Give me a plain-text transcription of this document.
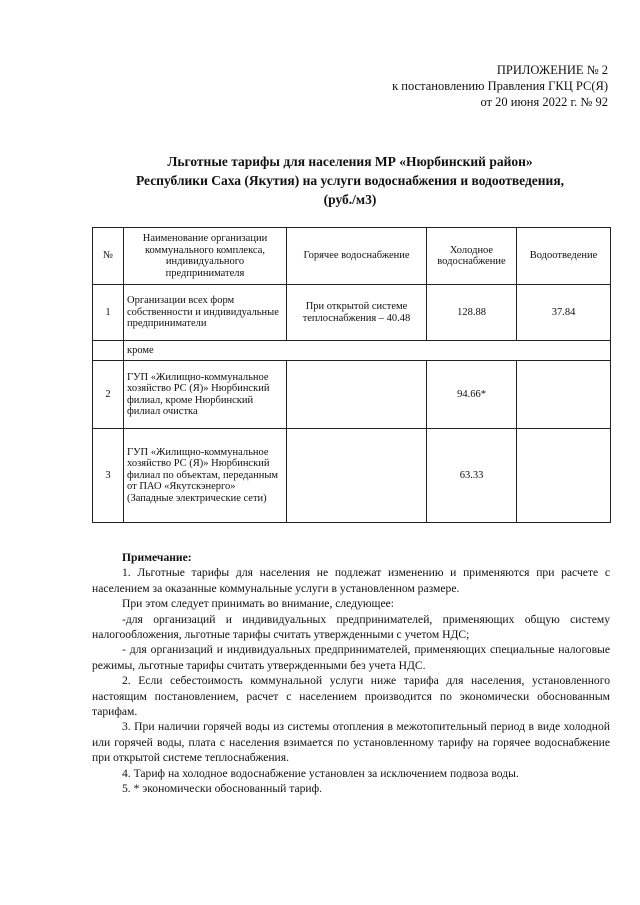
ПРИЛОЖЕНИЕ № 2
к постановлению Правления ГКЦ РС(Я)
от 20 июня 2022 г. № 92
Льготные тарифы для населения МР «Нюрбинский район»
Республики Саха (Якутия) на услуги водоснабжения и водоотведения,
(руб./м3)
№	Наименование организации коммунального комплекса, индивидуального предпринимателя	Горячее водоснабжение	Холодное водоснабжение	Водоотведение
1	Организации всех форм собственности и индивидуальные предприниматели	При открытой системе теплоснабжения – 40.48	128.88	37.84
	кроме			
2	ГУП «Жилищно-коммунальное хозяйство РС (Я)» Нюрбинский филиал, кроме Нюрбинский филиал очистка		94.66*	
3	ГУП «Жилищно-коммунальное хозяйство РС (Я)» Нюрбинский филиал по объектам, переданным от ПАО «Якутскэнерго» (Западные электрические сети)		63.33	

Примечание:

1. Льготные тарифы для населения не подлежат изменению и применяются при расчете с населением за оказанные коммунальные услуги в установленном размере.

При этом следует принимать во внимание, следующее:

-для организаций и индивидуальных предпринимателей, применяющих общую систему налогообложения, льготные тарифы считать утвержденными с учетом НДС;

- для организаций и индивидуальных предпринимателей, применяющих специальные налоговые режимы, льготные тарифы считать утвержденными без учета НДС.

2. Если себестоимость коммунальной услуги ниже тарифа для населения, установленного настоящим постановлением, расчет с населением производится по экономически обоснованным тарифам.

3. При наличии горячей воды из системы отопления в межотопительный период в виде холодной или горячей воды, плата с населения взимается по установленному тарифу на горячее водоснабжение при открытой системе теплоснабжения.

4. Тариф на холодное водоснабжение установлен за исключением подвоза воды.

5. * экономически обоснованный тариф.
